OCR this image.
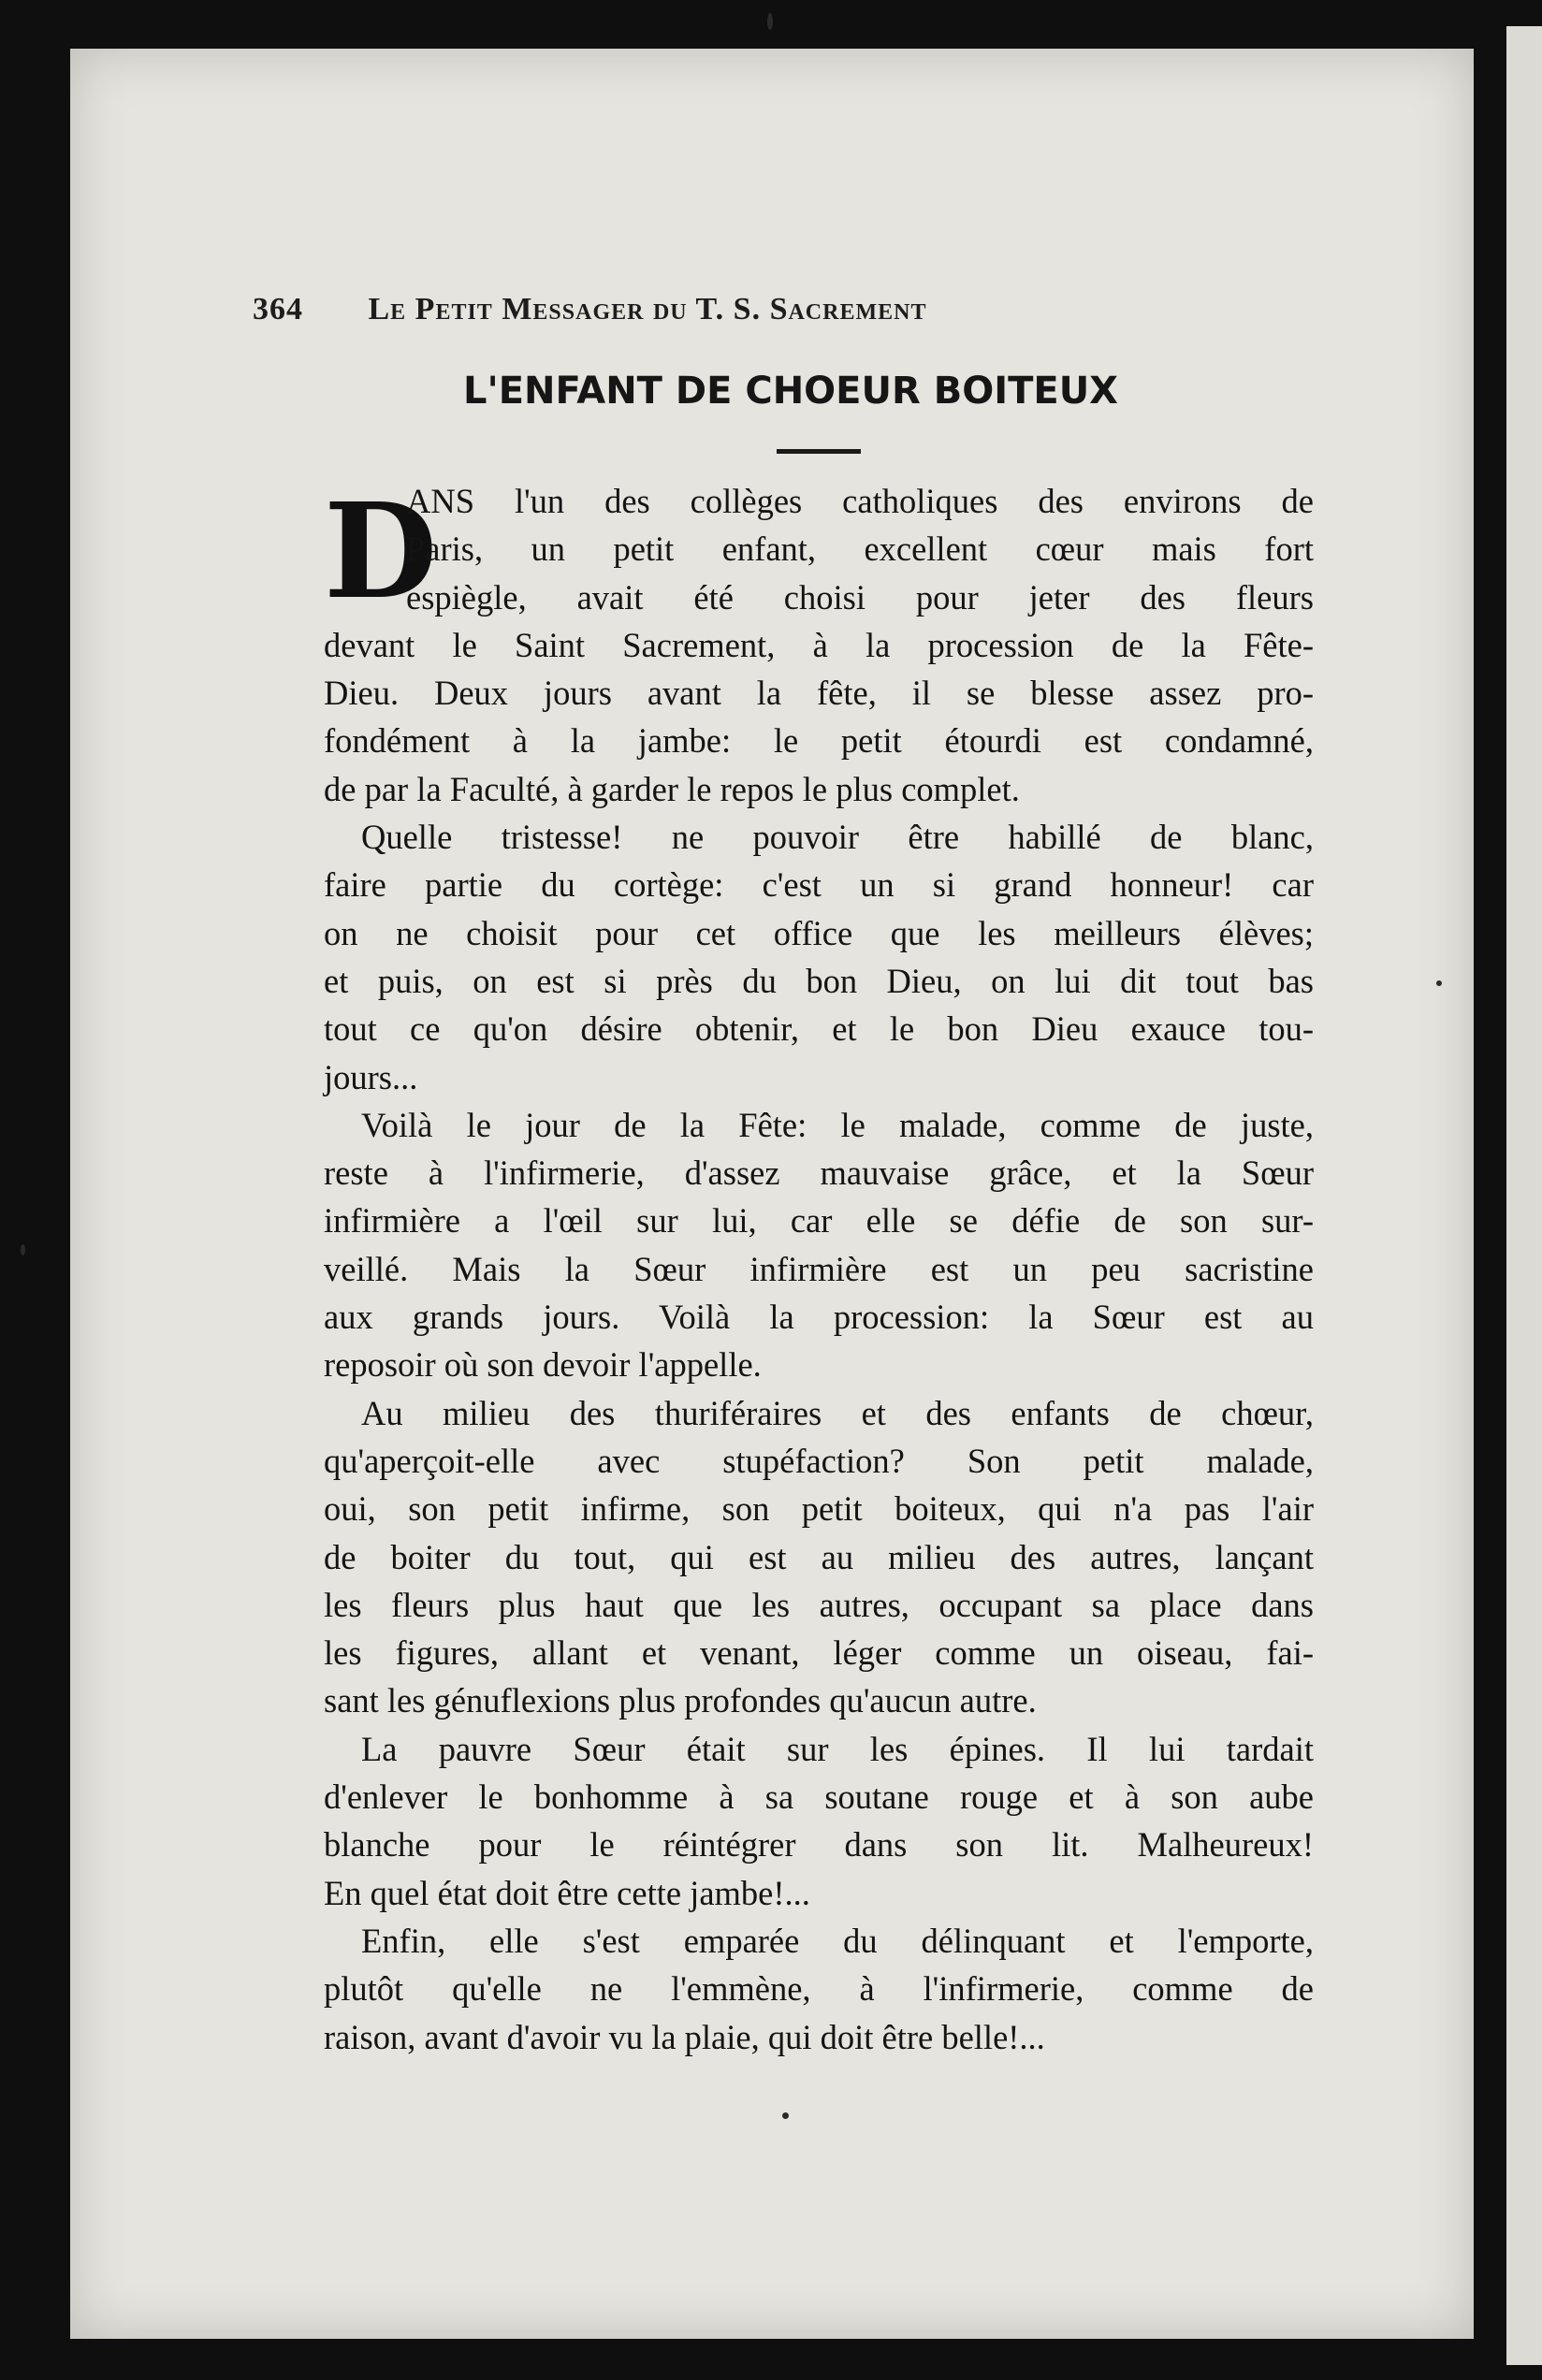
364 Le Petit Messager du T. S. Sacrement
L'ENFANT DE CHOEUR BOITEUX
D
ANS l'un des collèges catholiques des environs de
Paris, un petit enfant, excellent cœur mais fort
espiègle, avait été choisi pour jeter des fleurs
devant le Saint Sacrement, à la procession de la Fête-
Dieu. Deux jours avant la fête, il se blesse assez pro-
fondément à la jambe: le petit étourdi est condamné,
de par la Faculté, à garder le repos le plus complet.
Quelle tristesse! ne pouvoir être habillé de blanc,
faire partie du cortège: c'est un si grand honneur! car
on ne choisit pour cet office que les meilleurs élèves;
et puis, on est si près du bon Dieu, on lui dit tout bas
tout ce qu'on désire obtenir, et le bon Dieu exauce tou-
jours...
Voilà le jour de la Fête: le malade, comme de juste,
reste à l'infirmerie, d'assez mauvaise grâce, et la Sœur
infirmière a l'œil sur lui, car elle se défie de son sur-
veillé. Mais la Sœur infirmière est un peu sacristine
aux grands jours. Voilà la procession: la Sœur est au
reposoir où son devoir l'appelle.
Au milieu des thuriféraires et des enfants de chœur,
qu'aperçoit-elle avec stupéfaction? Son petit malade,
oui, son petit infirme, son petit boiteux, qui n'a pas l'air
de boiter du tout, qui est au milieu des autres, lançant
les fleurs plus haut que les autres, occupant sa place dans
les figures, allant et venant, léger comme un oiseau, fai-
sant les génuflexions plus profondes qu'aucun autre.
La pauvre Sœur était sur les épines. Il lui tardait
d'enlever le bonhomme à sa soutane rouge et à son aube
blanche pour le réintégrer dans son lit. Malheureux!
En quel état doit être cette jambe!...
Enfin, elle s'est emparée du délinquant et l'emporte,
plutôt qu'elle ne l'emmène, à l'infirmerie, comme de
raison, avant d'avoir vu la plaie, qui doit être belle!...
